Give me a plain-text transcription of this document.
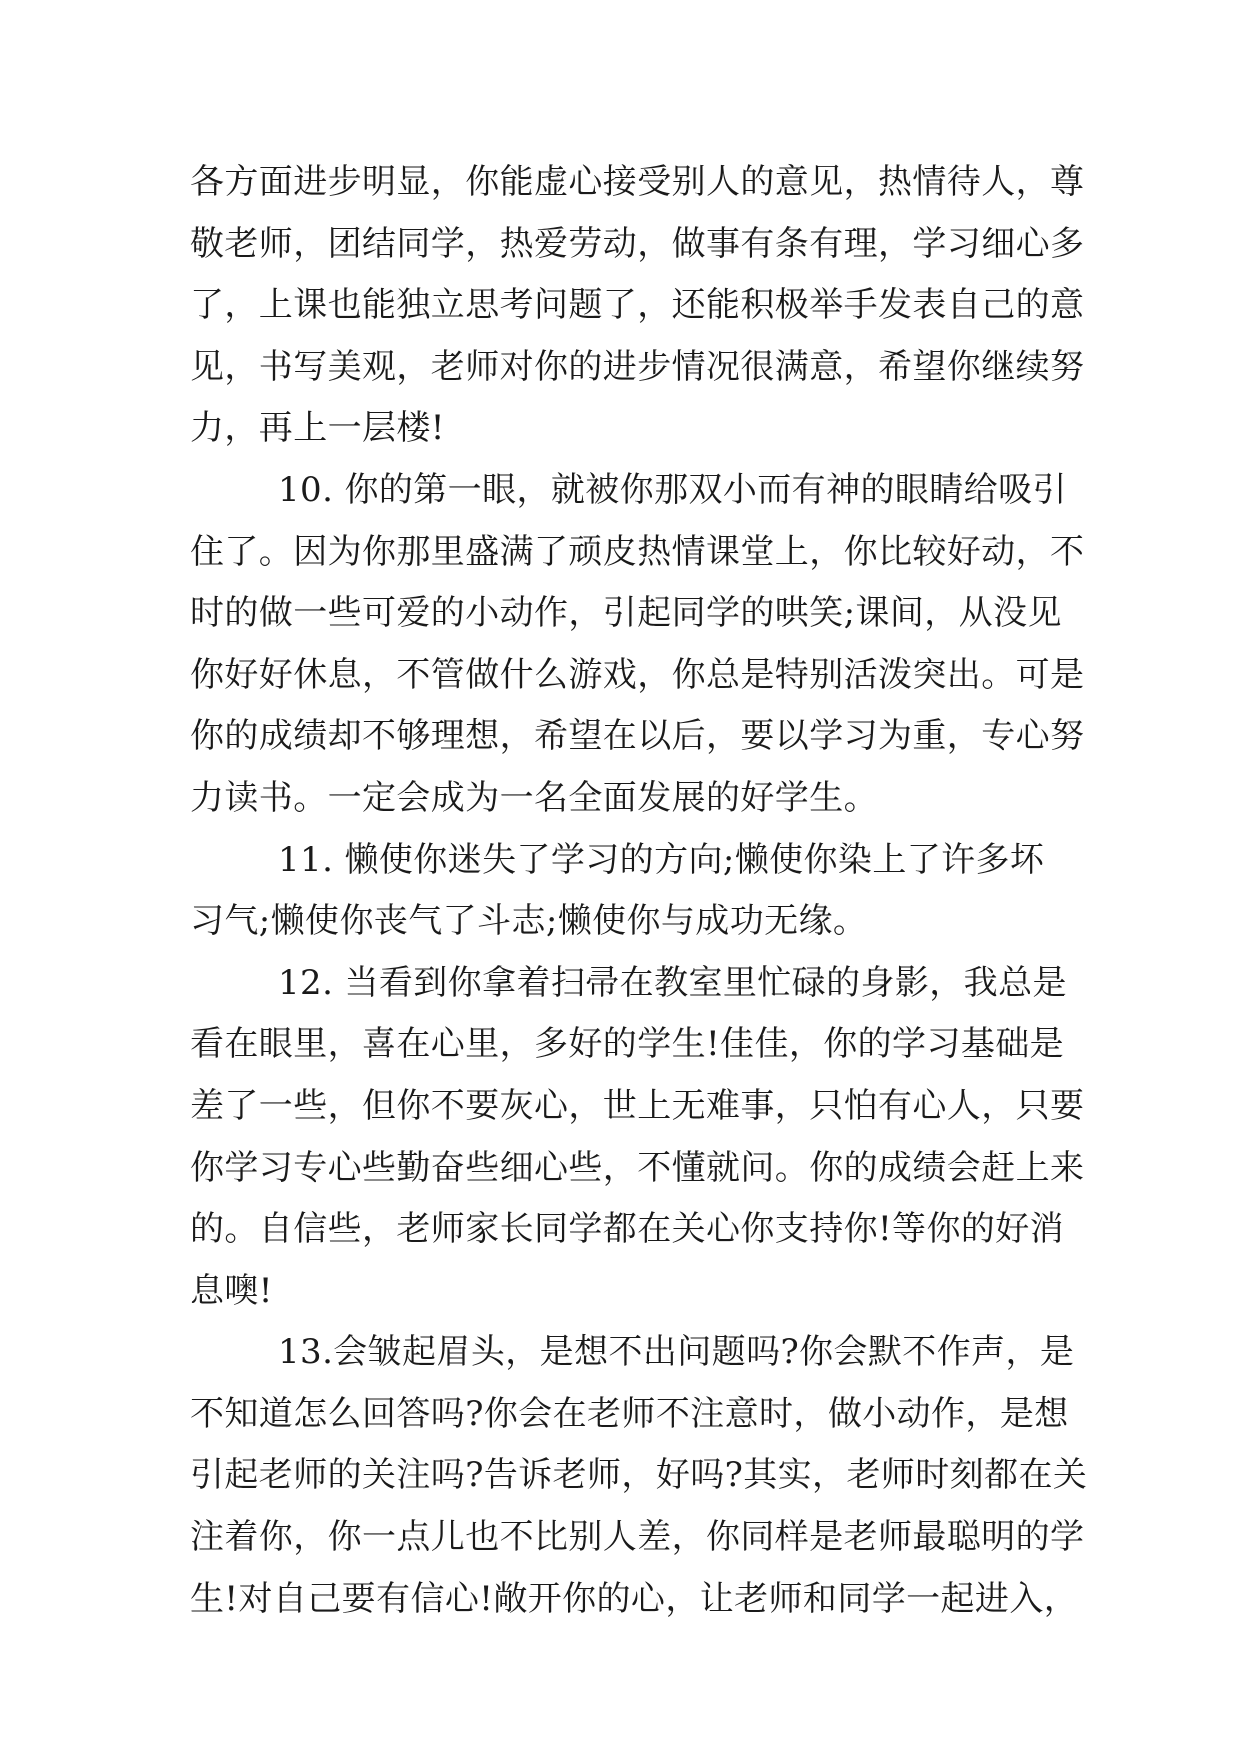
各方面进步明显，你能虚心接受别人的意见，热情待人，尊
敬老师，团结同学，热爱劳动，做事有条有理，学习细心多
了，上课也能独立思考问题了，还能积极举手发表自己的意
见，书写美观，老师对你的进步情况很满意，希望你继续努
力，再上一层楼!
10. 你的第一眼，就被你那双小而有神的眼睛给吸引
住了。因为你那里盛满了顽皮热情课堂上，你比较好动，不
时的做一些可爱的小动作，引起同学的哄笑;课间，从没见
你好好休息，不管做什么游戏，你总是特别活泼突出。可是
你的成绩却不够理想，希望在以后，要以学习为重，专心努
力读书。一定会成为一名全面发展的好学生。
11. 懒使你迷失了学习的方向;懒使你染上了许多坏
习气;懒使你丧气了斗志;懒使你与成功无缘。
12. 当看到你拿着扫帚在教室里忙碌的身影，我总是
看在眼里，喜在心里，多好的学生!佳佳，你的学习基础是
差了一些，但你不要灰心，世上无难事，只怕有心人，只要
你学习专心些勤奋些细心些，不懂就问。你的成绩会赶上来
的。自信些，老师家长同学都在关心你支持你!等你的好消
息噢!
13.会皱起眉头，是想不出问题吗?你会默不作声，是
不知道怎么回答吗?你会在老师不注意时，做小动作，是想
引起老师的关注吗?告诉老师，好吗?其实，老师时刻都在关
注着你，你一点儿也不比别人差，你同样是老师最聪明的学
生!对自己要有信心!敞开你的心，让老师和同学一起进入，
